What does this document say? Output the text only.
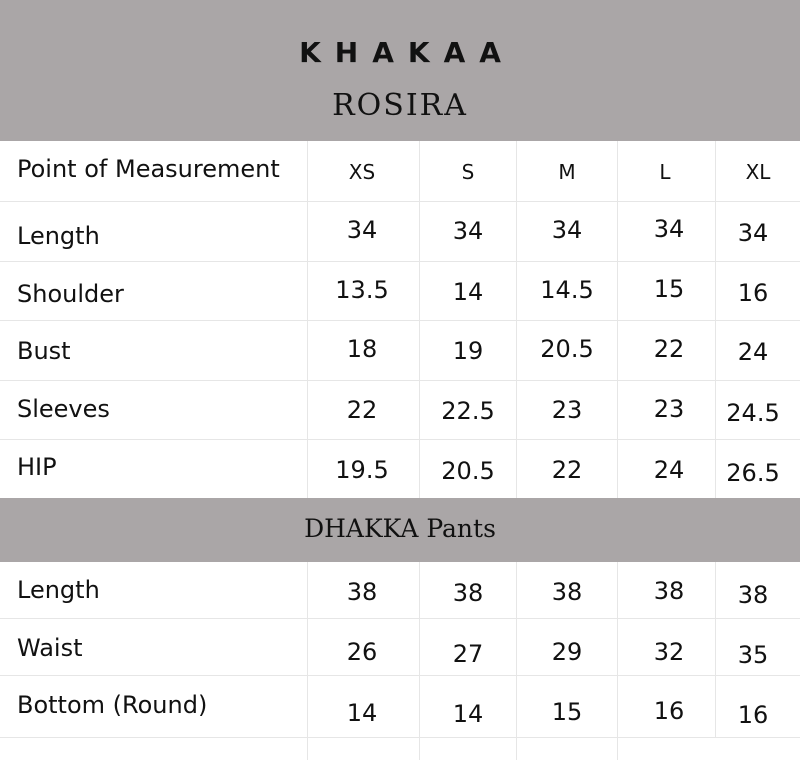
KHAKAA
ROSIRA
Point of Measurement	XS	S	M	L	XL
Length	34	34	34	34	34
Shoulder	13.5	14	14.5	15	16
Bust	18	19	20.5	22	24
Sleeves	22	22.5	23	23	24.5
HIP	19.5	20.5	22	24	26.5
DHAKKA Pants
Length	38	38	38	38	38
Waist	26	27	29	32	35
Bottom (Round)	14	14	15	16	16
